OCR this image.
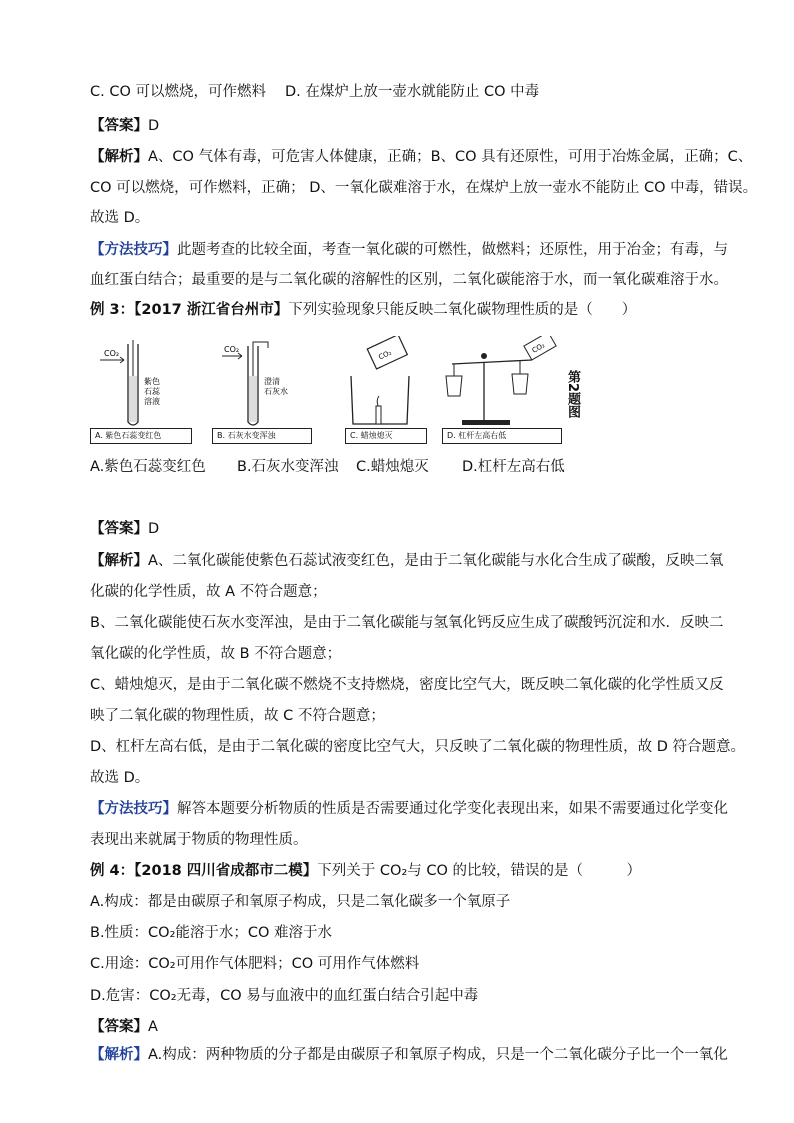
C. CO 可以燃烧，可作燃料 D. 在煤炉上放一壶水就能防止 CO 中毒
【答案】D
【解析】A、CO 气体有毒，可危害人体健康，正确；B、CO 具有还原性，可用于冶炼金属，正确；C、
CO 可以燃烧，可作燃料，正确； D、一氧化碳难溶于水，在煤炉上放一壶水不能防止 CO 中毒，错误。
故选 D。
【方法技巧】此题考查的比较全面，考查一氧化碳的可燃性，做燃料；还原性，用于冶金；有毒，与
血红蛋白结合；最重要的是与二氧化碳的溶解性的区别，二氧化碳能溶于水，而一氧化碳难溶于水。
例 3：【2017 浙江省台州市】下列实验现象只能反映二氧化碳物理性质的是（　　）
CO₂
紫色
石蕊
溶液
A. 紫色石蕊变红色
CO₂
澄清
石灰水
B. 石灰水变浑浊
CO₂
C. 蜡烛熄灭
CO₂
D. 杠杆左高右低
第2题图
A.紫色石蕊变红色 B.石灰水变浑浊 C.蜡烛熄灭 D.杠杆左高右低
【答案】D
【解析】A、二氧化碳能使紫色石蕊试液变红色，是由于二氧化碳能与水化合生成了碳酸，反映二氧
化碳的化学性质，故 A 不符合题意；
B、二氧化碳能使石灰水变浑浊，是由于二氧化碳能与氢氧化钙反应生成了碳酸钙沉淀和水．反映二
氧化碳的化学性质，故 B 不符合题意；
C、蜡烛熄灭，是由于二氧化碳不燃烧不支持燃烧，密度比空气大，既反映二氧化碳的化学性质又反
映了二氧化碳的物理性质，故 C 不符合题意；
D、杠杆左高右低，是由于二氧化碳的密度比空气大，只反映了二氧化碳的物理性质，故 D 符合题意。
故选 D。
【方法技巧】解答本题要分析物质的性质是否需要通过化学变化表现出来，如果不需要通过化学变化
表现出来就属于物质的物理性质。
例 4：【2018 四川省成都市二模】下列关于 CO₂与 CO 的比较，错误的是（　　　）
A.构成：都是由碳原子和氧原子构成，只是二氧化碳多一个氧原子
B.性质：CO₂能溶于水；CO 难溶于水
C.用途：CO₂可用作气体肥料；CO 可用作气体燃料
D.危害：CO₂无毒，CO 易与血液中的血红蛋白结合引起中毒
【答案】A
【解析】A.构成：两种物质的分子都是由碳原子和氧原子构成，只是一个二氧化碳分子比一个一氧化
